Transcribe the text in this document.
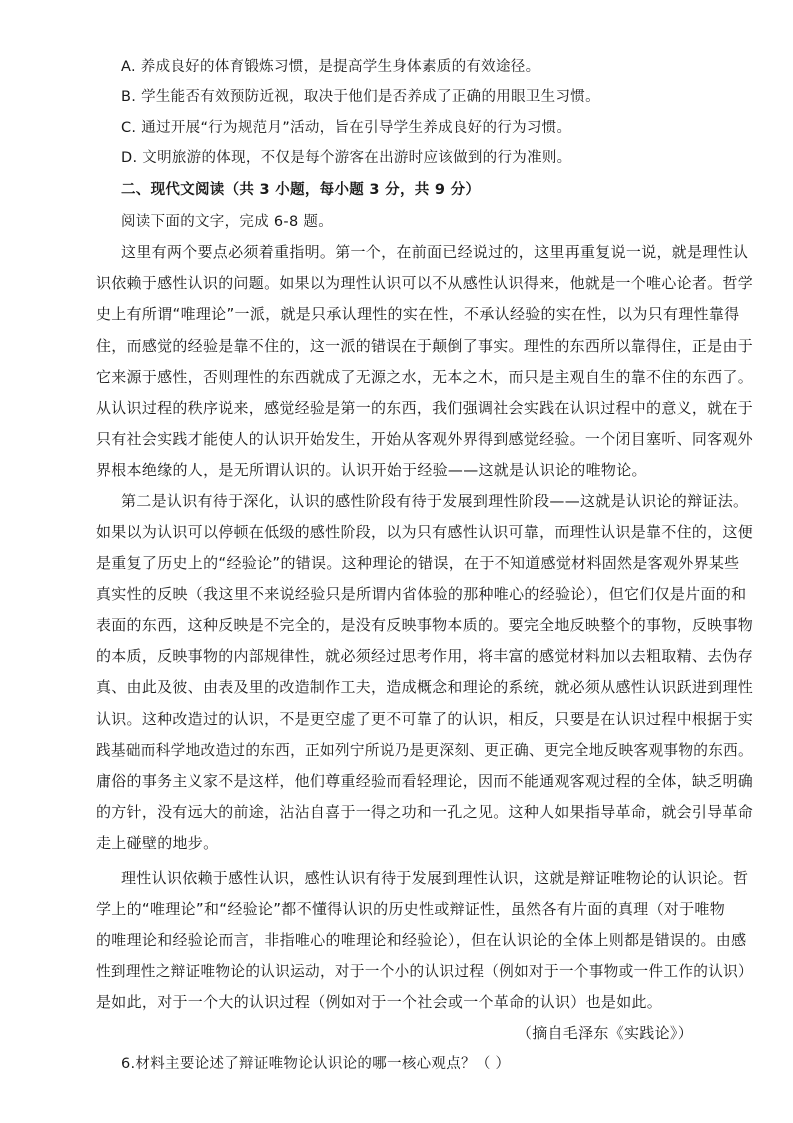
A. 养成良好的体育锻炼习惯，是提高学生身体素质的有效途径。
B. 学生能否有效预防近视，取决于他们是否养成了正确的用眼卫生习惯。
C. 通过开展“行为规范月”活动，旨在引导学生养成良好的行为习惯。
D. 文明旅游的体现，不仅是每个游客在出游时应该做到的行为准则。
二、现代文阅读（共 3 小题，每小题 3 分，共 9 分）
阅读下面的文字，完成 6-8 题。
这里有两个要点必须着重指明。第一个，在前面已经说过的，这里再重复说一说，就是理性认
识依赖于感性认识的问题。如果以为理性认识可以不从感性认识得来，他就是一个唯心论者。哲学
史上有所谓“唯理论”一派，就是只承认理性的实在性，不承认经验的实在性，以为只有理性靠得
住，而感觉的经验是靠不住的，这一派的错误在于颠倒了事实。理性的东西所以靠得住，正是由于
它来源于感性，否则理性的东西就成了无源之水，无本之木，而只是主观自生的靠不住的东西了。
从认识过程的秩序说来，感觉经验是第一的东西，我们强调社会实践在认识过程中的意义，就在于
只有社会实践才能使人的认识开始发生，开始从客观外界得到感觉经验。一个闭目塞听、同客观外
界根本绝缘的人，是无所谓认识的。认识开始于经验——这就是认识论的唯物论。
第二是认识有待于深化，认识的感性阶段有待于发展到理性阶段——这就是认识论的辩证法。
如果以为认识可以停顿在低级的感性阶段，以为只有感性认识可靠，而理性认识是靠不住的，这便
是重复了历史上的“经验论”的错误。这种理论的错误，在于不知道感觉材料固然是客观外界某些
真实性的反映（我这里不来说经验只是所谓内省体验的那种唯心的经验论），但它们仅是片面的和
表面的东西，这种反映是不完全的，是没有反映事物本质的。要完全地反映整个的事物，反映事物
的本质，反映事物的内部规律性，就必须经过思考作用，将丰富的感觉材料加以去粗取精、去伪存
真、由此及彼、由表及里的改造制作工夫，造成概念和理论的系统，就必须从感性认识跃进到理性
认识。这种改造过的认识，不是更空虚了更不可靠了的认识，相反，只要是在认识过程中根据于实
践基础而科学地改造过的东西，正如列宁所说乃是更深刻、更正确、更完全地反映客观事物的东西。
庸俗的事务主义家不是这样，他们尊重经验而看轻理论，因而不能通观客观过程的全体，缺乏明确
的方针，没有远大的前途，沾沾自喜于一得之功和一孔之见。这种人如果指导革命，就会引导革命
走上碰壁的地步。
理性认识依赖于感性认识，感性认识有待于发展到理性认识，这就是辩证唯物论的认识论。哲
学上的“唯理论”和“经验论”都不懂得认识的历史性或辩证性，虽然各有片面的真理（对于唯物
的唯理论和经验论而言，非指唯心的唯理论和经验论），但在认识论的全体上则都是错误的。由感
性到理性之辩证唯物论的认识运动，对于一个小的认识过程（例如对于一个事物或一件工作的认识）
是如此，对于一个大的认识过程（例如对于一个社会或一个革命的认识）也是如此。
（摘自毛泽东《实践论》）
6.材料主要论述了辩证唯物论认识论的哪一核心观点？（ ）
